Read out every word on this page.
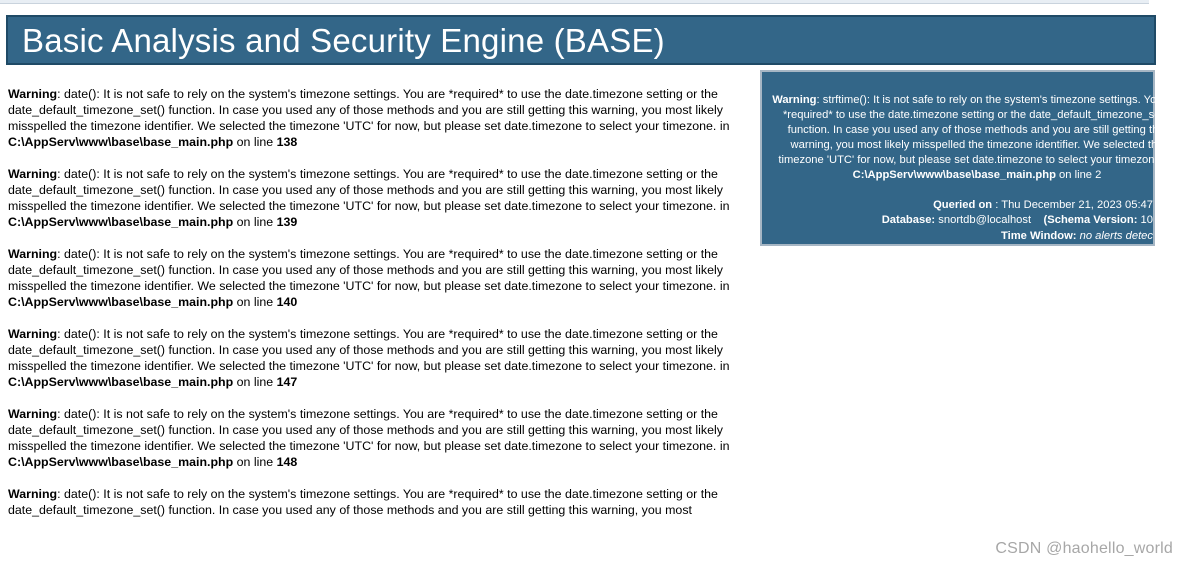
Basic Analysis and Security Engine (BASE)
Warning: date(): It is not safe to rely on the system's timezone settings. You are *required* to use the date.timezone setting or the date_default_timezone_set() function. In case you used any of those methods and you are still getting this warning, you most likely misspelled the timezone identifier. We selected the timezone 'UTC' for now, but please set date.timezone to select your timezone. in C:\AppServ\www\base\base_main.php on line 138
Warning: date(): It is not safe to rely on the system's timezone settings. You are *required* to use the date.timezone setting or the date_default_timezone_set() function. In case you used any of those methods and you are still getting this warning, you most likely misspelled the timezone identifier. We selected the timezone 'UTC' for now, but please set date.timezone to select your timezone. in C:\AppServ\www\base\base_main.php on line 139
Warning: date(): It is not safe to rely on the system's timezone settings. You are *required* to use the date.timezone setting or the date_default_timezone_set() function. In case you used any of those methods and you are still getting this warning, you most likely misspelled the timezone identifier. We selected the timezone 'UTC' for now, but please set date.timezone to select your timezone. in C:\AppServ\www\base\base_main.php on line 140
Warning: date(): It is not safe to rely on the system's timezone settings. You are *required* to use the date.timezone setting or the date_default_timezone_set() function. In case you used any of those methods and you are still getting this warning, you most likely misspelled the timezone identifier. We selected the timezone 'UTC' for now, but please set date.timezone to select your timezone. in C:\AppServ\www\base\base_main.php on line 147
Warning: date(): It is not safe to rely on the system's timezone settings. You are *required* to use the date.timezone setting or the date_default_timezone_set() function. In case you used any of those methods and you are still getting this warning, you most likely misspelled the timezone identifier. We selected the timezone 'UTC' for now, but please set date.timezone to select your timezone. in C:\AppServ\www\base\base_main.php on line 148
Warning: date(): It is not safe to rely on the system's timezone settings. You are *required* to use the date.timezone setting or the date_default_timezone_set() function. In case you used any of those methods and you are still getting this warning, you most
Warning: strftime(): It is not safe to rely on the system's timezone settings. You are *required* to use the date.timezone setting or the date_default_timezone_set() function. In case you used any of those methods and you are still getting this warning, you most likely misspelled the timezone identifier. We selected the timezone 'UTC' for now, but please set date.timezone to select your timezone. in
C:\AppServ\www\base\base_main.php on line 2
Queried on : Thu December 21, 2023 05:47
Database: snortdb@localhost (Schema Version: 10
Time Window: no alerts detec
CSDN @haohello_world
